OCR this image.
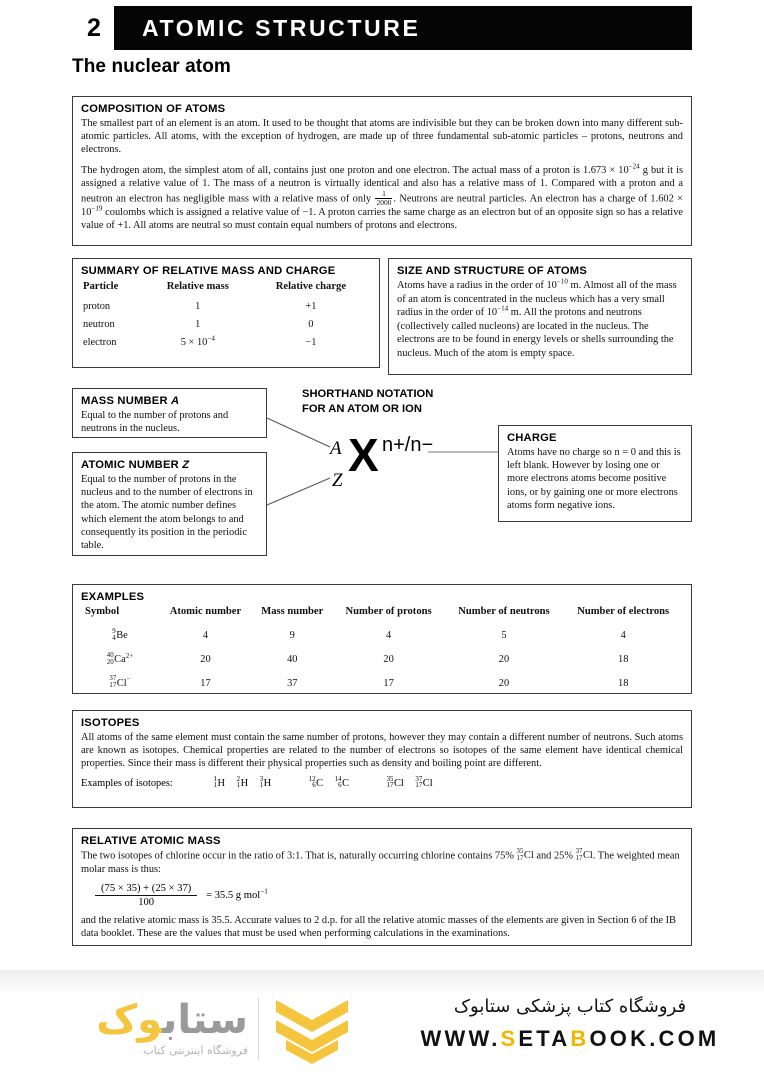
2	ATOMIC STRUCTURE
The nuclear atom
COMPOSITION OF ATOMS

The smallest part of an element is an atom. It used to be thought that atoms are indivisible but they can be broken down into many different sub-atomic particles. All atoms, with the exception of hydrogen, are made up of three fundamental sub-atomic particles – protons, neutrons and electrons.

The hydrogen atom, the simplest atom of all, contains just one proton and one electron. The actual mass of a proton is $1.673 \times 10^{-24}$ g but it is assigned a relative value of 1. The mass of a neutron is virtually identical and also has a relative mass of 1. Compared with a proton and a neutron an electron has negligible mass with a relative mass of only $\frac{1}{2000}$ . Neutrons are neutral particles. An electron has a charge of $1.602 \times 10^{-19}$ coulombs which is assigned a relative value of −1. A proton carries the same charge as an electron but of an opposite sign so has a relative value of +1. All atoms are neutral so must contain equal numbers of protons and electrons.

SUMMARY OF RELATIVE MASS AND CHARGE
Particle	Relative mass	Relative charge
proton	1	+1
neutron	1	0
electron	$5 \times 10^{-4}$	−1
SIZE AND STRUCTURE OF ATOMS

Atoms have a radius in the order of $10^{-10}$ m. Almost all of the mass of an atom is concentrated in the nucleus which has a very small radius in the order of $10^{-14}$ m. All the protons and neutrons (collectively called nucleons) are located in the nucleus. The electrons are to be found in energy levels or shells surrounding the nucleus. Much of the atom is empty space.

MASS NUMBER A

Equal to the number of protons and neutrons in the nucleus.

ATOMIC NUMBER Z

Equal to the number of protons in the nucleus and to the number of electrons in the atom. The atomic number defines which element the atom belongs to and consequently its position in the periodic table.

SHORTHAND NOTATION
FOR AN ATOM OR ION
A X
Z
n+/n−	CHARGE

Atoms have no charge so n = 0 and this is left blank. However by losing one or more electrons atoms become positive ions, or by gaining one or more electrons atoms form negative ions.

EXAMPLES
Symbol	Atomic number	Mass number	Number of protons	Number of neutrons	Number of electrons

9
4 Be	4	9	4	5	4

40
20 $Ca^{2+}$	20	40	20	20	18

37
17 Cl−	17	37	17	20	18
ISOTOPES

All atoms of the same element must contain the same number of protons, however they may contain a different number of neutrons. Such atoms are known as isotopes. Chemical properties are related to the number of electrons so isotopes of the same element have identical chemical properties. Since their mass is different their physical properties such as density and boiling point are different.

Examples of isotopes:	1
1 H 2
1 H 3
1 H	12
6 C 14
6 C	35
17 Cl 37
17 Cl
RELATIVE ATOMIC MASS

The two isotopes of chlorine occur in the ratio of 3:1. That is, naturally occurring chlorine contains 75% 35
17 Cl and 25% 37
17 Cl. The weighted mean molar mass is thus:

$\frac{(75 \times 35) + (25 \times 37)}{100} = 35.5$ g mol$^{-1}$

and the relative atomic mass is 35.5. Accurate values to 2 d.p. for all the relative atomic masses of the elements are given in Section 6 of the IB data booklet. These are the values that must be used when performing calculations in the examinations.

ستابوک
فروشگاه اینترنتی کتاب
فروشگاه کتاب پزشکی ستابوک
WWW.SETABOOK.COM
